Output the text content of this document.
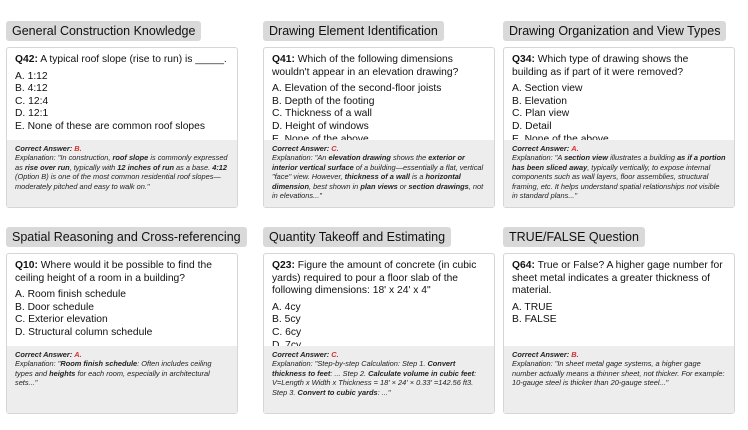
General Construction Knowledge
Q42: A typical roof slope (rise to run) is _____.
A. 1:12
B. 4:12
C. 12:4
D. 12:1
E. None of these are common roof slopes
Correct Answer: B.
Explanation: "In construction, roof slope is commonly expressed as rise over run, typically with 12 inches of run as a base. 4:12 (Option B) is one of the most common residential roof slopes—moderately pitched and easy to walk on."
Drawing Element Identification
Q41: Which of the following dimensions wouldn't appear in an elevation drawing?
A. Elevation of the second-floor joists
B. Depth of the footing
C. Thickness of a wall
D. Height of windows
Correct Answer: C.
Explanation: "An elevation drawing shows the exterior or interior vertical surface of a building—essentially a flat, vertical "face" view. However, thickness of a wall is a horizontal dimension, best shown in plan views or section drawings, not in elevations..."
Drawing Organization and View Types
Q34: Which type of drawing shows the building as if part of it were removed?
A. Section view
B. Elevation
C. Plan view
D. Detail
Correct Answer: A.
Explanation: "A section view illustrates a building as if a portion has been sliced away, typically vertically, to expose internal components such as wall layers, floor assemblies, structural framing, etc. It helps understand spatial relationships not visible in standard plans..."
Spatial Reasoning and Cross-referencing
Q10: Where would it be possible to find the ceiling height of a room in a building?
A. Room finish schedule
B. Door schedule
C. Exterior elevation
D. Structural column schedule
Correct Answer: A.
Explanation: "Room finish schedule: Often includes ceiling types and heights for each room, especially in architectural sets..."
Quantity Takeoff and Estimating
Q23: Figure the amount of concrete (in cubic yards) required to pour a floor slab of the following dimensions: 18' x 24' x 4"
A. 4cy
B. 5cy
C. 6cy
Correct Answer: C.
Explanation: "Step-by-step Calculation: Step 1. Convert thickness to feet: ... Step 2. Calculate volume in cubic feet: V=Length x Width x Thickness = 18' × 24' × 0.33' =142.56 ft3. Step 3. Convert to cubic yards: ..."
TRUE/FALSE Question
Q64: True or False? A higher gage number for sheet metal indicates a greater thickness of material.
A. TRUE
B. FALSE
Correct Answer: B.
Explanation: "In sheet metal gage systems, a higher gage number actually means a thinner sheet, not thicker. For example: 10-gauge steel is thicker than 20-gauge steel..."
